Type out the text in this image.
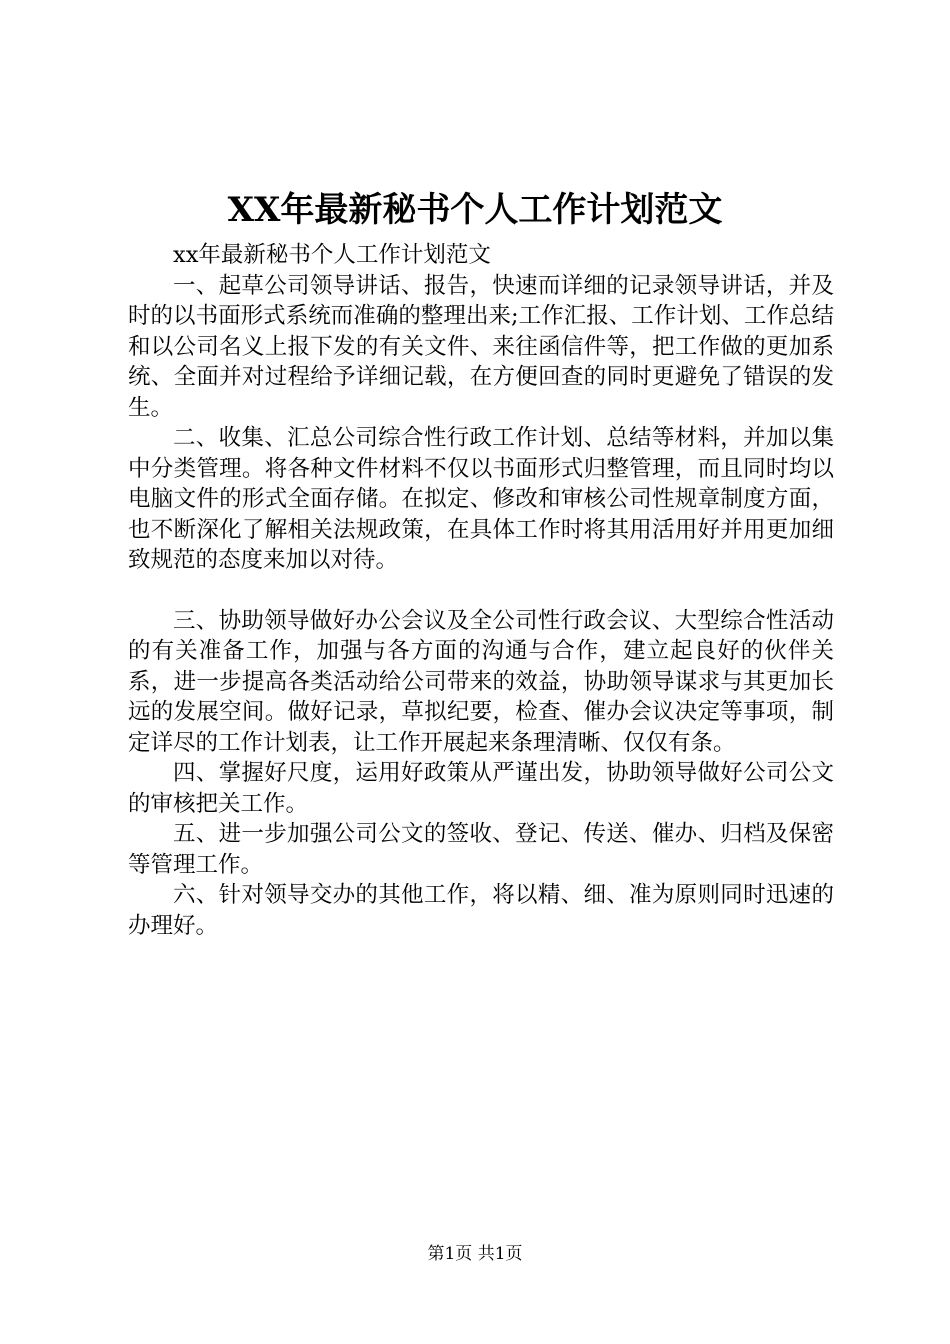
XX年最新秘书个人工作计划范文

xx年最新秘书个人工作计划范文

一、起草公司领导讲话、报告，快速而详细的记录领导讲话，并及时的以书面形式系统而准确的整理出来;工作汇报、工作计划、工作总结和以公司名义上报下发的有关文件、来往函信件等，把工作做的更加系统、全面并对过程给予详细记载，在方便回查的同时更避免了错误的发生。

二、收集、汇总公司综合性行政工作计划、总结等材料，并加以集中分类管理。将各种文件材料不仅以书面形式归整管理，而且同时均以电脑文件的形式全面存储。在拟定、修改和审核公司性规章制度方面，也不断深化了解相关法规政策，在具体工作时将其用活用好并用更加细致规范的态度来加以对待。

三、协助领导做好办公会议及全公司性行政会议、大型综合性活动的有关准备工作，加强与各方面的沟通与合作，建立起良好的伙伴关系，进一步提高各类活动给公司带来的效益，协助领导谋求与其更加长远的发展空间。做好记录，草拟纪要，检查、催办会议决定等事项，制定详尽的工作计划表，让工作开展起来条理清晰、仅仅有条。

四、掌握好尺度，运用好政策从严谨出发，协助领导做好公司公文的审核把关工作。

五、进一步加强公司公文的签收、登记、传送、催办、归档及保密等管理工作。

六、针对领导交办的其他工作，将以精、细、准为原则同时迅速的办理好。

第1页 共1页
